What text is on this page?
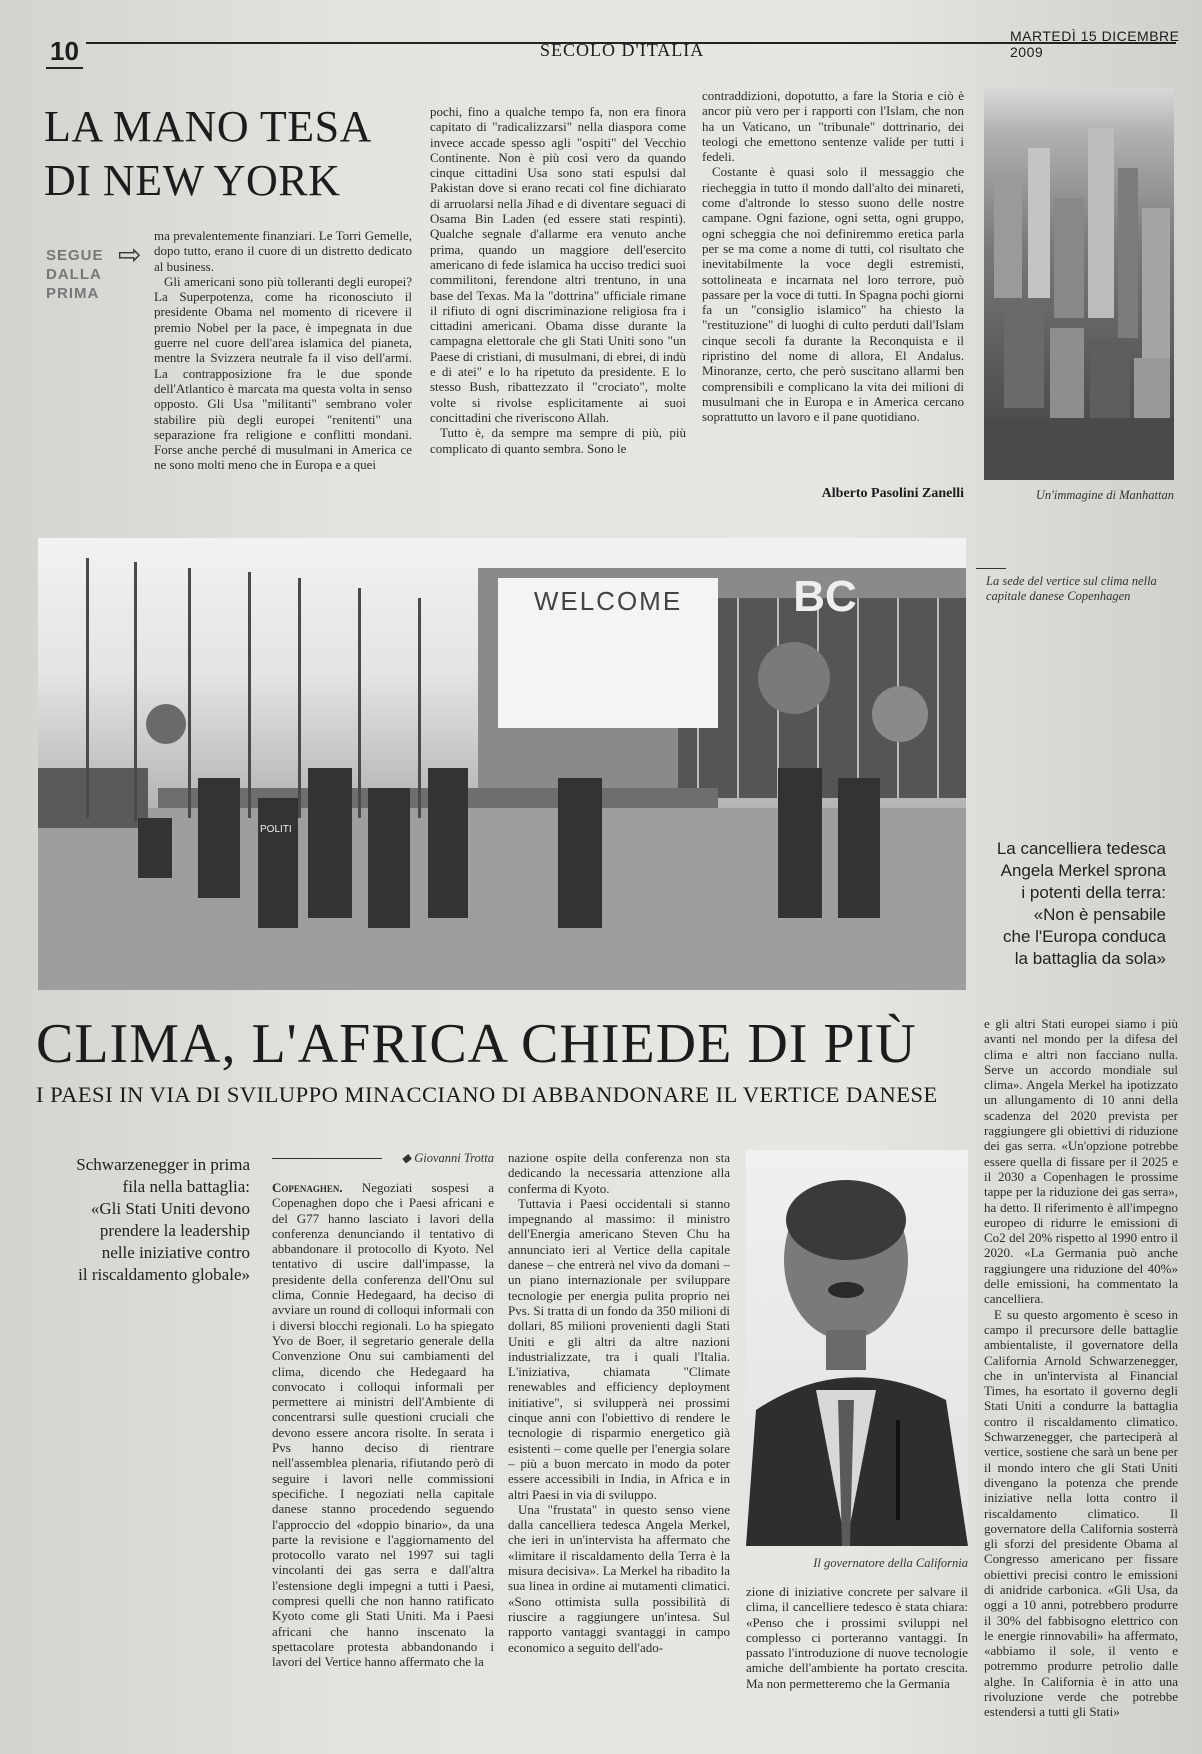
10	SECOLO D'ITALIA
MARTEDÌ 15 DICEMBRE 2009
LA MANO TESA DI NEW YORK
SEGUE DALLA PRIMA
⇨

ma prevalentemente finanziari. Le Torri Gemelle, dopo tutto, erano il cuore di un distretto dedicato al business.

Gli americani sono più tolleranti degli europei? La Superpotenza, come ha riconosciuto il presidente Obama nel momento di ricevere il premio Nobel per la pace, è impegnata in due guerre nel cuore dell'area islamica del pianeta, mentre la Svizzera neutrale fa il viso dell'armi. La contrapposizione fra le due sponde dell'Atlantico è marcata ma questa volta in senso opposto. Gli Usa "militanti" sembrano voler stabilire più degli europei "renitenti" una separazione fra religione e conflitti mondani. Forse anche perché di musulmani in America ce ne sono molti meno che in Europa e a quei

pochi, fino a qualche tempo fa, non era finora capitato di "radicalizzarsi" nella diaspora come invece accade spesso agli "ospiti" del Vecchio Continente. Non è più così vero da quando cinque cittadini Usa sono stati espulsi dal Pakistan dove si erano recati col fine dichiarato di arruolarsi nella Jihad e di diventare seguaci di Osama Bin Laden (ed essere stati respinti). Qualche segnale d'allarme era venuto anche prima, quando un maggiore dell'esercito americano di fede islamica ha ucciso tredici suoi commilitoni, ferendone altri trentuno, in una base del Texas. Ma la "dottrina" ufficiale rimane il rifiuto di ogni discriminazione religiosa fra i cittadini americani. Obama disse durante la campagna elettorale che gli Stati Uniti sono "un Paese di cristiani, di musulmani, di ebrei, di indù e di atei" e lo ha ripetuto da presidente. E lo stesso Bush, ribattezzato il "crociato", molte volte si rivolse esplicitamente ai suoi concittadini che riveriscono Allah.

Tutto è, da sempre ma sempre di più, più complicato di quanto sembra. Sono le

contraddizioni, dopotutto, a fare la Storia e ciò è ancor più vero per i rapporti con l'Islam, che non ha un Vaticano, un "tribunale" dottrinario, dei teologi che emettono sentenze valide per tutti i fedeli.

Costante è quasi solo il messaggio che riecheggia in tutto il mondo dall'alto dei minareti, come d'altronde lo stesso suono delle nostre campane. Ogni fazione, ogni setta, ogni gruppo, ogni scheggia che noi definiremmo eretica parla per se ma come a nome di tutti, col risultato che inevitabilmente la voce degli estremisti, sottolineata e incarnata nel loro terrore, può passare per la voce di tutti. In Spagna pochi giorni fa un "consiglio islamico" ha chiesto la "restituzione" di luoghi di culto perduti dall'Islam cinque secoli fa durante la Reconquista e il ripristino del nome di allora, El Andalus. Minoranze, certo, che però suscitano allarmi ben comprensibili e complicano la vita dei milioni di musulmani che in Europa e in America cercano soprattutto un lavoro e il pane quotidiano.

Alberto Pasolini Zanelli	Un'immagine di Manhattan
WELCOME	BC
POLITI
La sede del vertice sul clima nella capitale danese Copenhagen
La cancelliera tedesca
Angela Merkel sprona
i potenti della terra:
«Non è pensabile
che l'Europa conduca
la battaglia da sola»
CLIMA, L'AFRICA CHIEDE DI PIÙ
I PAESI IN VIA DI SVILUPPO MINACCIANO DI ABBANDONARE IL VERTICE DANESE
Schwarzenegger in prima
fila nella battaglia:
«Gli Stati Uniti devono
prendere la leadership
nelle iniziative contro
il riscaldamento globale»
◆ Giovanni Trotta

Copenaghen. Negoziati sospesi a Copenaghen dopo che i Paesi africani e del G77 hanno lasciato i lavori della conferenza denunciando il tentativo di abbandonare il protocollo di Kyoto. Nel tentativo di uscire dall'impasse, la presidente della conferenza dell'Onu sul clima, Connie Hedegaard, ha deciso di avviare un round di colloqui informali con i diversi blocchi regionali. Lo ha spiegato Yvo de Boer, il segretario generale della Convenzione Onu sui cambiamenti del clima, dicendo che Hedegaard ha convocato i colloqui informali per permettere ai ministri dell'Ambiente di concentrarsi sulle questioni cruciali che devono essere ancora risolte. In serata i Pvs hanno deciso di rientrare nell'assemblea plenaria, rifiutando però di seguire i lavori nelle commissioni specifiche. I negoziati nella capitale danese stanno procedendo seguendo l'approccio del «doppio binario», da una parte la revisione e l'aggiornamento del protocollo varato nel 1997 sui tagli vincolanti dei gas serra e dall'altra l'estensione degli impegni a tutti i Paesi, compresi quelli che non hanno ratificato Kyoto come gli Stati Uniti. Ma i Paesi africani che hanno inscenato la spettacolare protesta abbandonando i lavori del Vertice hanno affermato che la

nazione ospite della conferenza non sta dedicando la necessaria attenzione alla conferma di Kyoto.

Tuttavia i Paesi occidentali si stanno impegnando al massimo: il ministro dell'Energia americano Steven Chu ha annunciato ieri al Vertice della capitale danese – che entrerà nel vivo da domani – un piano internazionale per sviluppare tecnologie per energia pulita proprio nei Pvs. Si tratta di un fondo da 350 milioni di dollari, 85 milioni provenienti dagli Stati Uniti e gli altri da altre nazioni industrializzate, tra i quali l'Italia. L'iniziativa, chiamata "Climate renewables and efficiency deployment initiative", si svilupperà nei prossimi cinque anni con l'obiettivo di rendere le tecnologie di risparmio energetico già esistenti – come quelle per l'energia solare – più a buon mercato in modo da poter essere accessibili in India, in Africa e in altri Paesi in via di sviluppo.

Una "frustata" in questo senso viene dalla cancelliera tedesca Angela Merkel, che ieri in un'intervista ha affermato che «limitare il riscaldamento della Terra è la misura decisiva». La Merkel ha ribadito la sua linea in ordine ai mutamenti climatici. «Sono ottimista sulla possibilità di riuscire a raggiungere un'intesa. Sul rapporto vantaggi svantaggi in campo economico a seguito dell'ado-

Il governatore della California

zione di iniziative concrete per salvare il clima, il cancelliere tedesco è stata chiara: «Penso che i prossimi sviluppi nel complesso ci porteranno vantaggi. In passato l'introduzione di nuove tecnologie amiche dell'ambiente ha portato crescita. Ma non permetteremo che la Germania

e gli altri Stati europei siamo i più avanti nel mondo per la difesa del clima e altri non facciano nulla. Serve un accordo mondiale sul clima». Angela Merkel ha ipotizzato un allungamento di 10 anni della scadenza del 2020 prevista per raggiungere gli obiettivi di riduzione dei gas serra. «Un'opzione potrebbe essere quella di fissare per il 2025 e il 2030 a Copenhagen le prossime tappe per la riduzione dei gas serra», ha detto. Il riferimento è all'impegno europeo di ridurre le emissioni di Co2 del 20% rispetto al 1990 entro il 2020. «La Germania può anche raggiungere una riduzione del 40%» delle emissioni, ha commentato la cancelliera.

E su questo argomento è sceso in campo il precursore delle battaglie ambientaliste, il governatore della California Arnold Schwarzenegger, che in un'intervista al Financial Times, ha esortato il governo degli Stati Uniti a condurre la battaglia contro il riscaldamento climatico. Schwarzenegger, che parteciperà al vertice, sostiene che sarà un bene per il mondo intero che gli Stati Uniti divengano la potenza che prende iniziative nella lotta contro il riscaldamento climatico. Il governatore della California sosterrà gli sforzi del presidente Obama al Congresso americano per fissare obiettivi precisi contro le emissioni di anidride carbonica. «Gli Usa, da oggi a 10 anni, potrebbero produrre il 30% del fabbisogno elettrico con le energie rinnovabili» ha affermato, «abbiamo il sole, il vento e potremmo produrre petrolio dalle alghe. In California è in atto una rivoluzione verde che potrebbe estendersi a tutti gli Stati»
